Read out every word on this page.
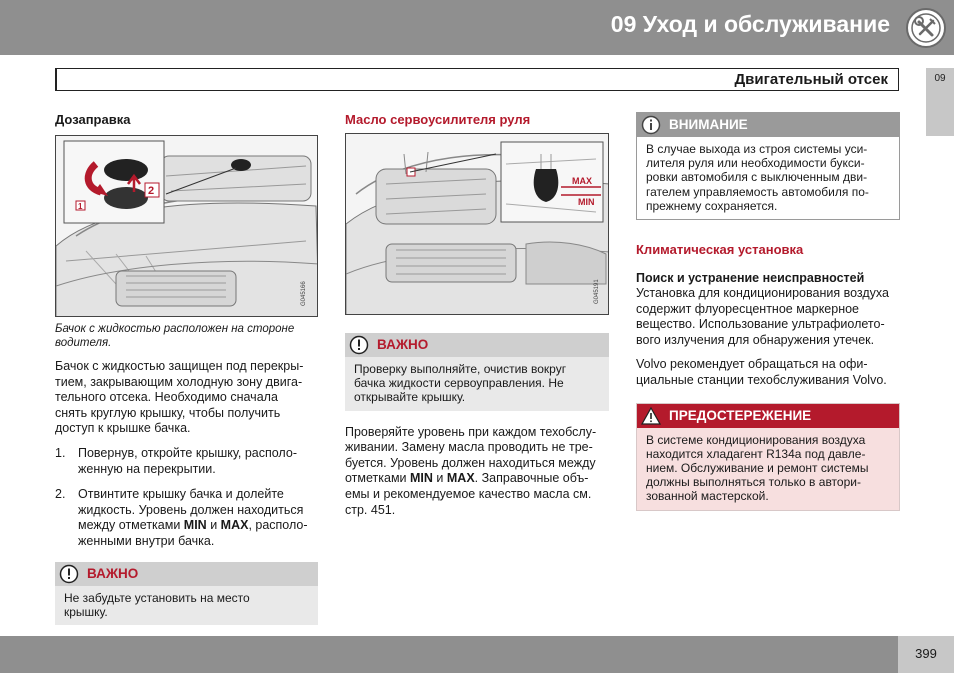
09 Уход и обслуживание
Двигательный отсек	09
Дозаправка
2
1
G045166
Бачок с жидкостью расположен на стороне
водителя.

Бачок с жидкостью защищен под перекры-
тием, закрывающим холодную зону двига-
тельного отсека. Необходимо сначала
снять круглую крышку, чтобы получить
доступ к крышке бачка.

1. Повернув, откройте крышку, располо-
женную на перекрытии.
2. Отвинтите крышку бачка и долейте
жидкость. Уровень должен находиться
между отметками MIN и MAX, располо-
женными внутри бачка.
ВАЖНО
Не забудьте установить на место
крышку.
Масло сервоусилителя руля
MAX
MIN
G045191
ВАЖНО
Проверку выполняйте, очистив вокруг
бачка жидкости сервоуправления. Не
открывайте крышку.

Проверяйте уровень при каждом техобслу-
живании. Замену масла проводить не тре-
буется. Уровень должен находиться между
отметками MIN и MAX. Заправочные объ-
емы и рекомендуемое качество масла см.
стр. 451.

ВНИМАНИЕ
В случае выхода из строя системы уси-
лителя руля или необходимости букси-
ровки автомобиля с выключенным дви-
гателем управляемость автомобиля по-
прежнему сохраняется.
Климатическая установка
Поиск и устранение неисправностей

Установка для кондиционирования воздуха
содержит флуоресцентное маркерное
вещество. Использование ультрафиолето-
вого излучения для обнаружения утечек.

Volvo рекомендует обращаться на офи-
циальные станции техобслуживания Volvo.

ПРЕДОСТЕРЕЖЕНИЕ
В системе кондиционирования воздуха
находится хладагент R134a под давле-
нием. Обслуживание и ремонт системы
должны выполняться только в автори-
зованной мастерской.
399
